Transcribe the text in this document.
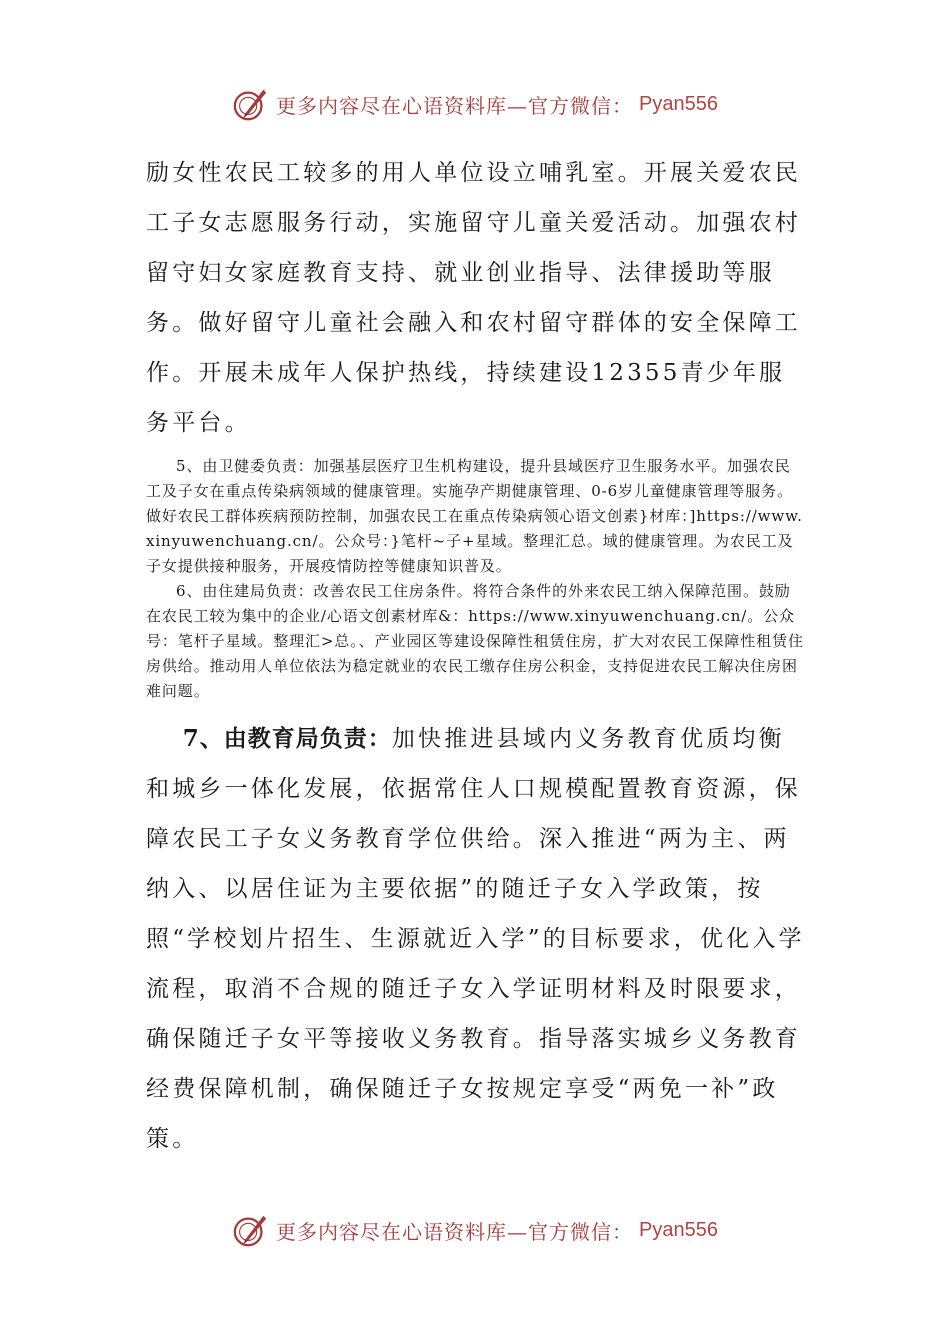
更多内容尽在心语资料库—官方微信： Pyan556

励女性农民工较多的用人单位设立哺乳室。开展关爱农民工子女志愿服务行动，实施留守儿童关爱活动。加强农村留守妇女家庭教育支持、就业创业指导、法律援助等服务。做好留守儿童社会融入和农村留守群体的安全保障工作。开展未成年人保护热线，持续建设12355青少年服务平台。

5、由卫健委负责：加强基层医疗卫生机构建设，提升县域医疗卫生服务水平。加强农民工及子女在重点传染病领域的健康管理。实施孕产期健康管理、0-6岁儿童健康管理等服务。做好农民工群体疾病预防控制，加强农民工在重点传染病领心语文创素}材库：]https://www.xinyuwenchuang.cn/。公众号：}笔杆~子+星域。整理汇总。域的健康管理。为农民工及子女提供接种服务，开展疫情防控等健康知识普及。

6、由住建局负责：改善农民工住房条件。将符合条件的外来农民工纳入保障范围。鼓励在农民工较为集中的企业/心语文创素材库&：https://www.xinyuwenchuang.cn/。公众号：笔杆子星域。整理汇>总。、产业园区等建设保障性租赁住房，扩大对农民工保障性租赁住房供给。推动用人单位依法为稳定就业的农民工缴存住房公积金，支持促进农民工解决住房困难问题。

7、由教育局负责：加快推进县域内义务教育优质均衡和城乡一体化发展，依据常住人口规模配置教育资源，保障农民工子女义务教育学位供给。深入推进“两为主、两纳入、以居住证为主要依据”的随迁子女入学政策，按照“学校划片招生、生源就近入学”的目标要求，优化入学流程，取消不合规的随迁子女入学证明材料及时限要求，确保随迁子女平等接收义务教育。指导落实城乡义务教育经费保障机制，确保随迁子女按规定享受“两免一补”政策。

更多内容尽在心语资料库—官方微信： Pyan556
